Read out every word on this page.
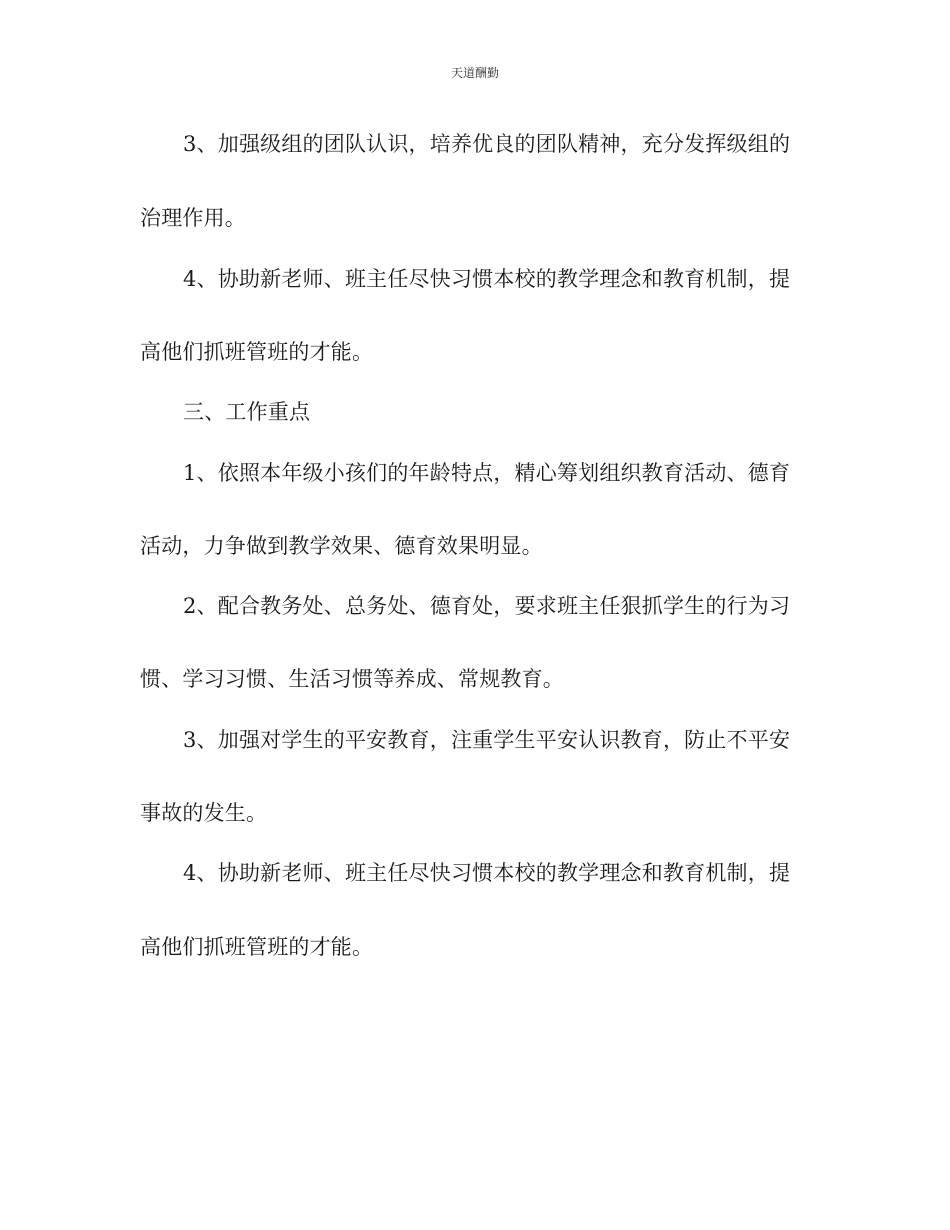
天道酬勤
3、加强级组的团队认识，培养优良的团队精神，充分发挥级组的
治理作用。
4、协助新老师、班主任尽快习惯本校的教学理念和教育机制，提
高他们抓班管班的才能。
三、工作重点
1、依照本年级小孩们的年龄特点，精心筹划组织教育活动、德育
活动，力争做到教学效果、德育效果明显。
2、配合教务处、总务处、德育处，要求班主任狠抓学生的行为习
惯、学习习惯、生活习惯等养成、常规教育。
3、加强对学生的平安教育，注重学生平安认识教育，防止不平安
事故的发生。
4、协助新老师、班主任尽快习惯本校的教学理念和教育机制，提
高他们抓班管班的才能。
